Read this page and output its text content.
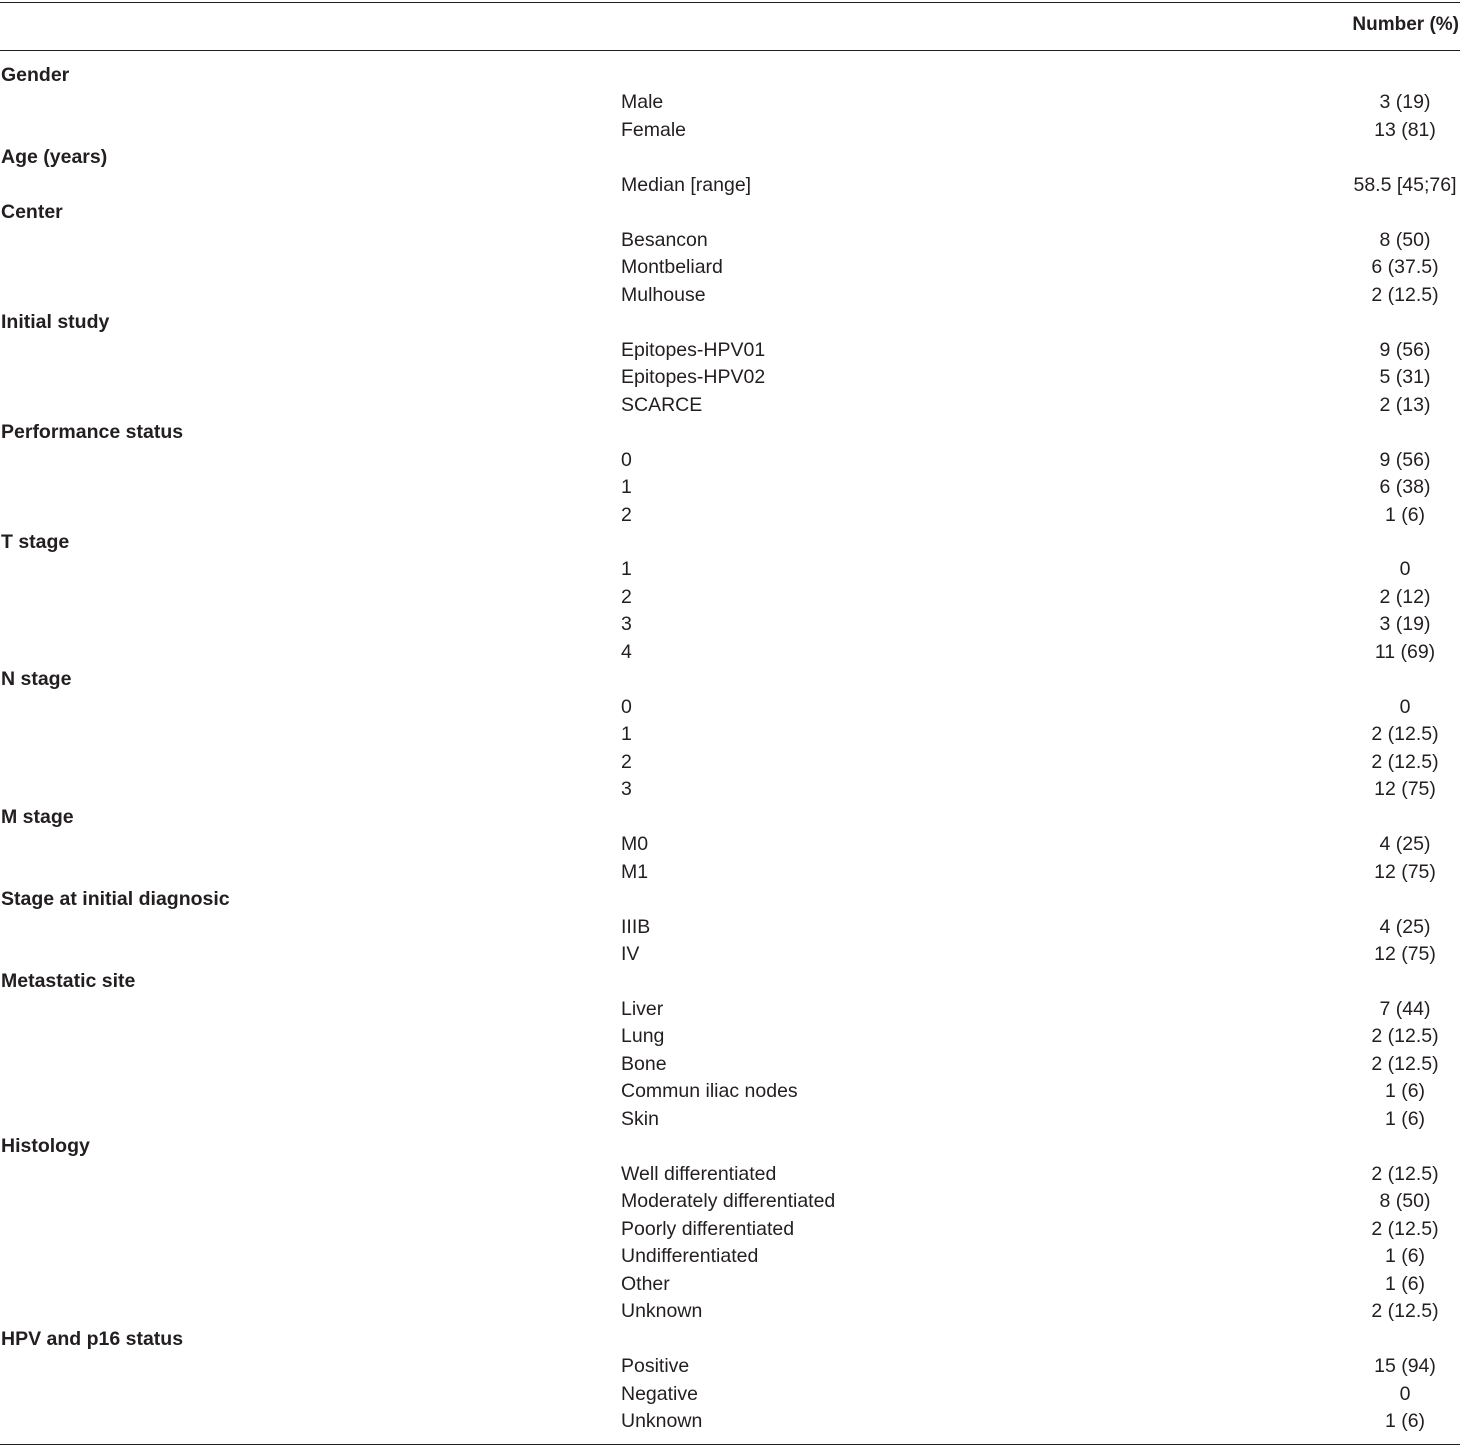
Number (%)
Gender
Male	3 (19)
Female	13 (81)
Age (years)
Median [range]	58.5 [45;76]
Center
Besancon	8 (50)
Montbeliard	6 (37.5)
Mulhouse	2 (12.5)
Initial study
Epitopes-HPV01	9 (56)
Epitopes-HPV02	5 (31)
SCARCE	2 (13)
Performance status
0	9 (56)
1	6 (38)
2	1 (6)
T stage
1	0
2	2 (12)
3	3 (19)
4	11 (69)
N stage
0	0
1	2 (12.5)
2	2 (12.5)
3	12 (75)
M stage
M0	4 (25)
M1	12 (75)
Stage at initial diagnosic
IIIB	4 (25)
IV	12 (75)
Metastatic site
Liver	7 (44)
Lung	2 (12.5)
Bone	2 (12.5)
Commun iliac nodes	1 (6)
Skin	1 (6)
Histology
Well differentiated	2 (12.5)
Moderately differentiated	8 (50)
Poorly differentiated	2 (12.5)
Undifferentiated	1 (6)
Other	1 (6)
Unknown	2 (12.5)
HPV and p16 status
Positive	15 (94)
Negative	0
Unknown	1 (6)
